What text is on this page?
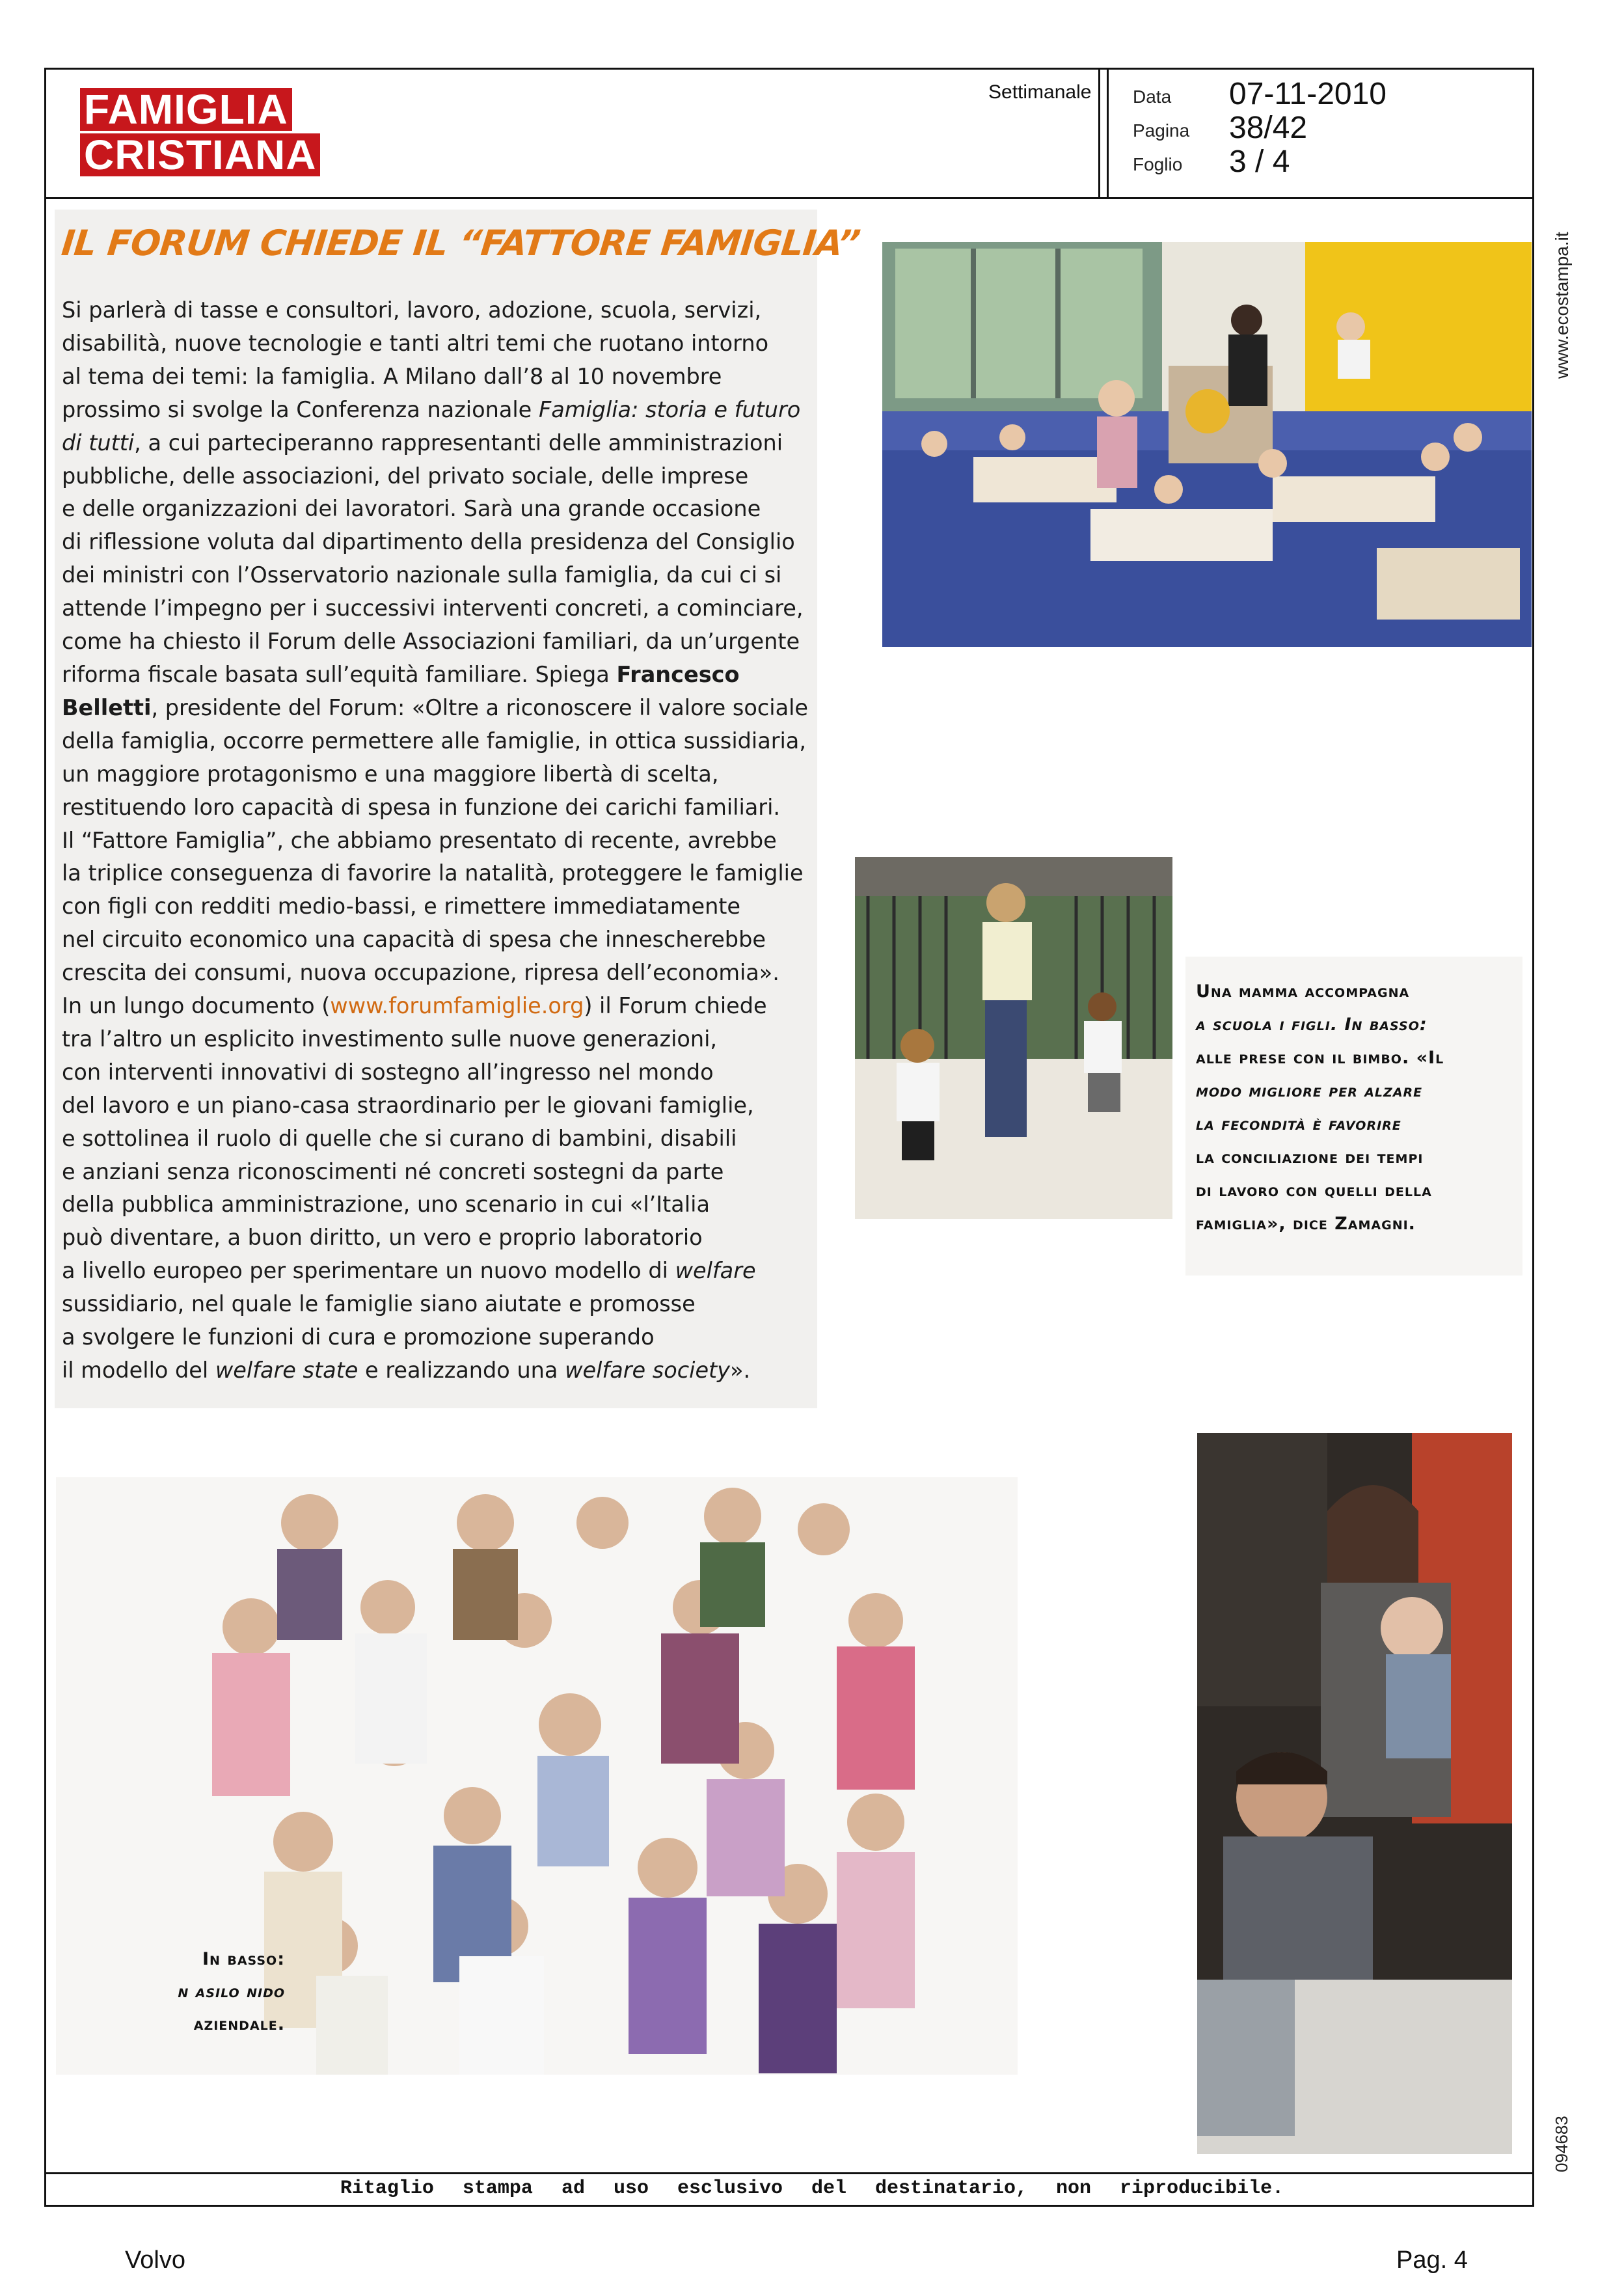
FAMIGLIA
CRISTIANA
Settimanale Data 07-11-2010
Pagina 38/42
Foglio 3 / 4
IL FORUM CHIEDE IL “FATTORE FAMIGLIA”
Si parlerà di tasse e consultori, lavoro, adozione, scuola, servizi,
disabilità, nuove tecnologie e tanti altri temi che ruotano intorno
al tema dei temi: la famiglia. A Milano dall’8 al 10 novembre
prossimo si svolge la Conferenza nazionale Famiglia: storia e futuro
di tutti, a cui parteciperanno rappresentanti delle amministrazioni
pubbliche, delle associazioni, del privato sociale, delle imprese
e delle organizzazioni dei lavoratori. Sarà una grande occasione
di riflessione voluta dal dipartimento della presidenza del Consiglio
dei ministri con l’Osservatorio nazionale sulla famiglia, da cui ci si
attende l’impegno per i successivi interventi concreti, a cominciare,
come ha chiesto il Forum delle Associazioni familiari, da un’urgente
riforma fiscale basata sull’equità familiare. Spiega Francesco
Belletti, presidente del Forum: «Oltre a riconoscere il valore sociale
della famiglia, occorre permettere alle famiglie, in ottica sussidiaria,
un maggiore protagonismo e una maggiore libertà di scelta,
restituendo loro capacità di spesa in funzione dei carichi familiari.
Il “Fattore Famiglia”, che abbiamo presentato di recente, avrebbe
la triplice conseguenza di favorire la natalità, proteggere le famiglie
con figli con redditi medio-bassi, e rimettere immediatamente
nel circuito economico una capacità di spesa che innescherebbe
crescita dei consumi, nuova occupazione, ripresa dell’economia».
In un lungo documento (www.forumfamiglie.org) il Forum chiede
tra l’altro un esplicito investimento sulle nuove generazioni,
con interventi innovativi di sostegno all’ingresso nel mondo
del lavoro e un piano-casa straordinario per le giovani famiglie,
e sottolinea il ruolo di quelle che si curano di bambini, disabili
e anziani senza riconoscimenti né concreti sostegni da parte
della pubblica amministrazione, uno scenario in cui «l’Italia
può diventare, a buon diritto, un vero e proprio laboratorio
a livello europeo per sperimentare un nuovo modello di welfare
sussidiario, nel quale le famiglie siano aiutate e promosse
a svolgere le funzioni di cura e promozione superando
il modello del welfare state e realizzando una welfare society».
Una mamma accompagna
a scuola i figli. In basso:
alle prese con il bimbo. «Il
modo migliore per alzare
la fecondità è favorire
la conciliazione dei tempi
di lavoro con quelli della
famiglia», dice Zamagni.
In basso:
n asilo nido
aziendale.
www.ecostampa.it
094683
Ritaglio stampa ad uso esclusivo del destinatario, non riproducibile.
Volvo	Pag. 4
